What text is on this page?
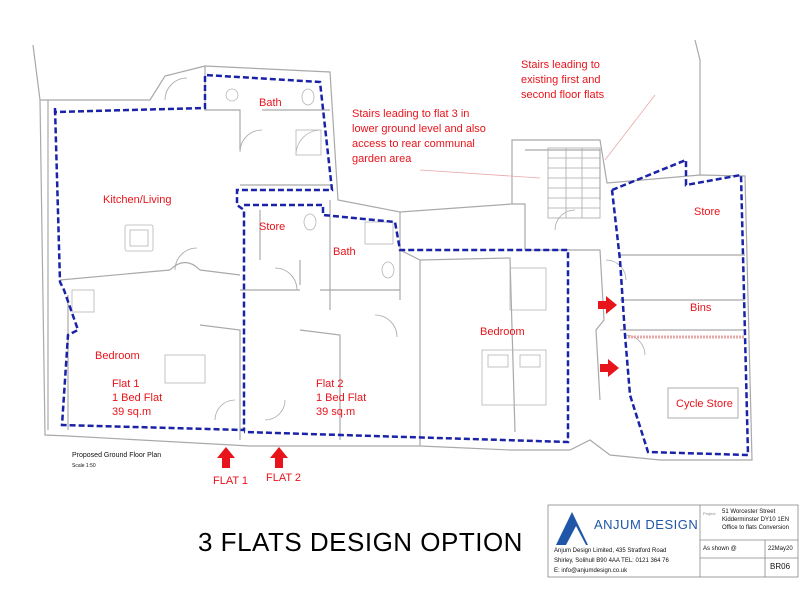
Bath
Kitchen/Living
Store
Bath
Bedroom
Bedroom
Store
Bins
Cycle Store
Flat 1
1 Bed Flat
39 sq.m
Flat 2
1 Bed Flat
39 sq.m
Stairs leading to flat 3 in
lower ground level and also
access to rear communal
garden area
Stairs leading to
existing first and
second floor flats
FLAT 1 FLAT 2
Proposed Ground Floor Plan
Scale 1:50
3 FLATS DESIGN OPTION
ANJUM DESIGN
Anjum Design Limited, 435 Stratford Road
Shirley, Solihull B90 4AA TEL: 0121 364 76
E: info@anjumdesign.co.uk
Project 51 Worcester Street
Kidderminster DY10 1EN
Office to flats Conversion
As shown @	22May20
BR06
